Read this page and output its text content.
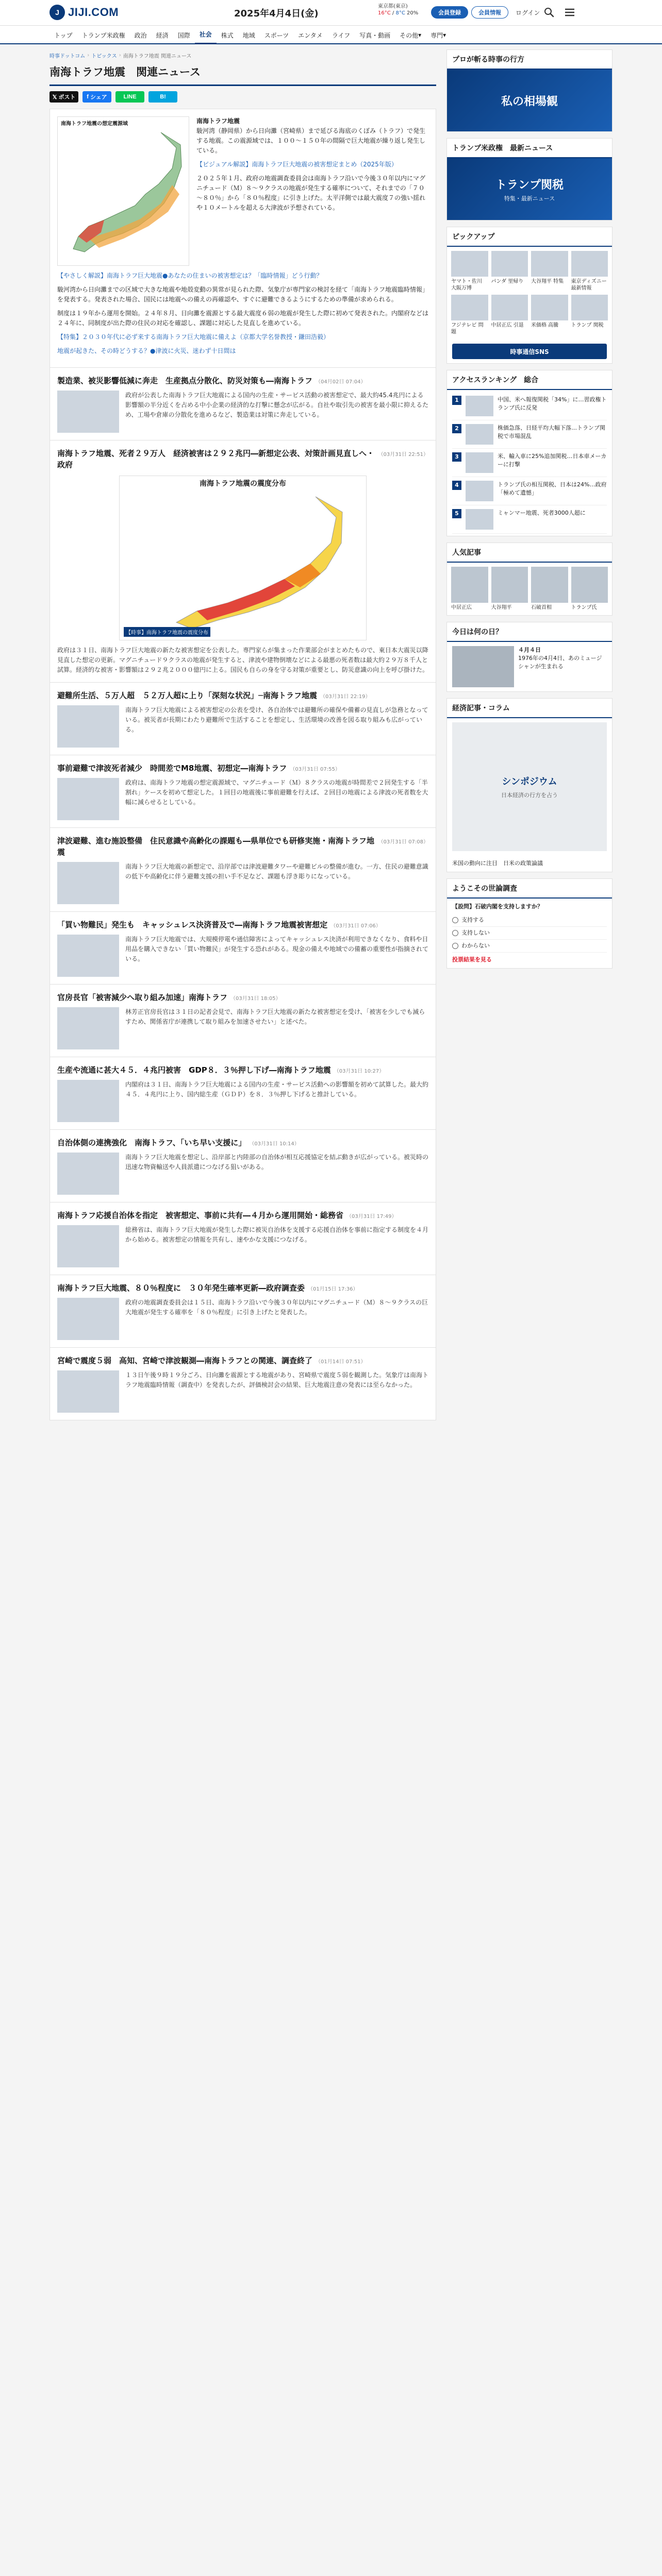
J JIJI.COM	2025年4月4日(金)
東京都(東京)
16°C / 8°C 20%	会員登録	会員情報	ログイン
トップ	トランプ米政権	政治	経済	国際	社会	株式	地域	スポーツ	エンタメ	ライフ	写真・動画	その他 ▾	専門 ▾
時事ドットコム › トピックス › 南海トラフ地震 関連ニュース
南海トラフ地震　関連ニュース
𝕏 ポスト f シェア	LINE	B!
南海トラフ地震の想定震源域	南海トラフ地震
駿河湾（静岡県）から日向灘（宮崎県）まで延びる海底のくぼみ（トラフ）で発生する地震。この震源域では、１００～１５０年の間隔で巨大地震が繰り返し発生している。

【ビジュアル解説】南海トラフ巨大地震の被害想定まとめ（2025年版）

２０２５年１月、政府の地震調査委員会は南海トラフ沿いで今後３０年以内にマグニチュード（Ｍ）８～９クラスの地震が発生する確率について、それまでの「７０～８０％」から「８０％程度」に引き上げた。太平洋側では最大震度７の強い揺れや１０メートルを超える大津波が予想されている。

【やさしく解説】南海トラフ巨大地震●あなたの住まいの被害想定は？「臨時情報」どう行動？

駿河湾から日向灘までの区域で大きな地震や地殻変動の異常が見られた際、気象庁が専門家の検討を経て「南海トラフ地震臨時情報」を発表する。発表された場合、国民には地震への備えの再確認や、すぐに避難できるようにするための準備が求められる。

制度は１９年から運用を開始。２４年８月、日向灘を震源とする最大震度６弱の地震が発生した際に初めて発表された。内閣府などは２４年に、同制度が出た際の住民の対応を確認し、課題に対応した見直しを進めている。

【特集】２０３０年代に必ず来する南海トラフ巨大地震に備えよ（京都大学名誉教授・鎌田浩毅）

地震が起きた、その時どうする？●津波に火災、迷わず十日間は

製造業、被災影響低減に奔走　生産拠点分散化、防災対策も―南海トラフ （04月02日 07:04）

政府が公表した南海トラフ巨大地震による国内の生産・サービス活動の被害想定で、最大約45.4兆円による影響額の半分近くを占める中小企業の経済的な打撃に懸念が広がる。自社や取引先の被害を最小限に抑えるため、工場や倉庫の分散化を進めるなど、製造業は対策に奔走している。

南海トラフ地震、死者２９万人　経済被害は２９２兆円―新想定公表、対策計画見直しへ・政府
（03月31日 22:51）
南海トラフ地震の震度分布
【時事】南海トラフ地震の震度分布

政府は３１日、南海トラフ巨大地震の新たな被害想定を公表した。専門家らが集まった作業部会がまとめたもので、東日本大震災以降見直した想定の更新。マグニチュード９クラスの地震が発生すると、津波や建物倒壊などによる最悪の死者数は最大約２９万８千人と試算。経済的な被害・影響額は２９２兆２０００億円に上る。国民も自らの身を守る対策が重要とし、防災意識の向上を呼び掛けた。

避難所生活、５万人超　５２万人超に上り「深刻な状況」─南海トラフ地震 （03月31日 22:19）

南海トラフ巨大地震による被害想定の公表を受け、各自治体では避難所の確保や備蓄の見直しが急務となっている。被災者が長期にわたり避難所で生活することを想定し、生活環境の改善を図る取り組みも広がっている。

事前避難で津波死者減少　時間差でM8地震、初想定―南海トラフ （03月31日 07:55）

政府は、南海トラフ地震の想定震源域で、マグニチュード（Ｍ）８クラスの地震が時間差で２回発生する「半割れ」ケースを初めて想定した。１回目の地震後に事前避難を行えば、２回目の地震による津波の死者数を大幅に減らせるとしている。

津波避難、進む施設整備　住民意識や高齢化の課題も―県単位でも研修実施・南海トラフ地震
（03月31日 07:08）

南海トラフ巨大地震の新想定で、沿岸部では津波避難タワーや避難ビルの整備が進む。一方、住民の避難意識の低下や高齢化に伴う避難支援の担い手不足など、課題も浮き彫りになっている。

「買い物難民」発生も　キャッシュレス決済普及で―南海トラフ地震被害想定 （03月31日 07:06）

南海トラフ巨大地震では、大規模停電や通信障害によってキャッシュレス決済が利用できなくなり、食料や日用品を購入できない「買い物難民」が発生する恐れがある。現金の備えや地域での備蓄の重要性が指摘されている。

官房長官「被害減少へ取り組み加速」南海トラフ （03月31日 18:05）

林芳正官房長官は３１日の記者会見で、南海トラフ巨大地震の新たな被害想定を受け、「被害を少しでも減らすため、関係省庁が連携して取り組みを加速させたい」と述べた。

生産や流通に甚大４５．４兆円被害　GDP８．３％押し下げ―南海トラフ地震 （03月31日 10:27）

内閣府は３１日、南海トラフ巨大地震による国内の生産・サービス活動への影響額を初めて試算した。最大約４５．４兆円に上り、国内総生産（ＧＤＰ）を８．３％押し下げると推計している。

自治体側の連携強化　南海トラフ、「いち早い支援に」 （03月31日 10:14）

南海トラフ巨大地震を想定し、沿岸部と内陸部の自治体が相互応援協定を結ぶ動きが広がっている。被災時の迅速な物資輸送や人員派遣につなげる狙いがある。

南海トラフ応援自治体を指定　被害想定、事前に共有―４月から運用開始・総務省 （03月31日 17:49）

総務省は、南海トラフ巨大地震が発生した際に被災自治体を支援する応援自治体を事前に指定する制度を４月から始める。被害想定の情報を共有し、速やかな支援につなげる。

南海トラフ巨大地震、８０％程度に　３０年発生確率更新―政府調査委 （01月15日 17:36）

政府の地震調査委員会は１５日、南海トラフ沿いで今後３０年以内にマグニチュード（Ｍ）８～９クラスの巨大地震が発生する確率を「８０％程度」に引き上げたと発表した。

宮崎で震度５弱　高知、宮崎で津波観測―南海トラフとの関連、調査終了 （01月14日 07:51）

１３日午後９時１９分ごろ、日向灘を震源とする地震があり、宮崎県で震度５弱を観測した。気象庁は南海トラフ地震臨時情報（調査中）を発表したが、評価検討会の結果、巨大地震注意の発表には至らなかった。

プロが斬る時事の行方
私の相場観
トランプ米政権　最新ニュース
トランプ関税
特集・最新ニュース
ピックアップ
ヤマト・佐川 大阪万博
パンダ 里帰り	大谷翔平 特集	東京ディズニー 最新情報
フジテレビ 問題
中居正広 引退	米価格 高騰	トランプ 関税
時事通信SNS
アクセスランキング　総合
1	中国、米へ報復関税「34%」に…習政権トランプ氏に反発
2	株価急落、日経平均大幅下落…トランプ関税で市場混乱
3	米、輸入車に25%追加関税…日本車メーカーに打撃
4	トランプ氏の相互関税、日本は24%…政府「極めて遺憾」
5	ミャンマー地震、死者3000人超に
人気記事
中居正広	大谷翔平	石破首相	トランプ氏
今日は何の日？
４月４日
1976年の4月4日、あのミュージシャンが生まれる
経済記事・コラム
シンポジウム
日本経済の行方を占う
米国の動向に注目　日米の政策論議
ようこその世論調査
【設問】石破内閣を支持しますか？
支持する
支持しない
わからない
投票結果を見る
